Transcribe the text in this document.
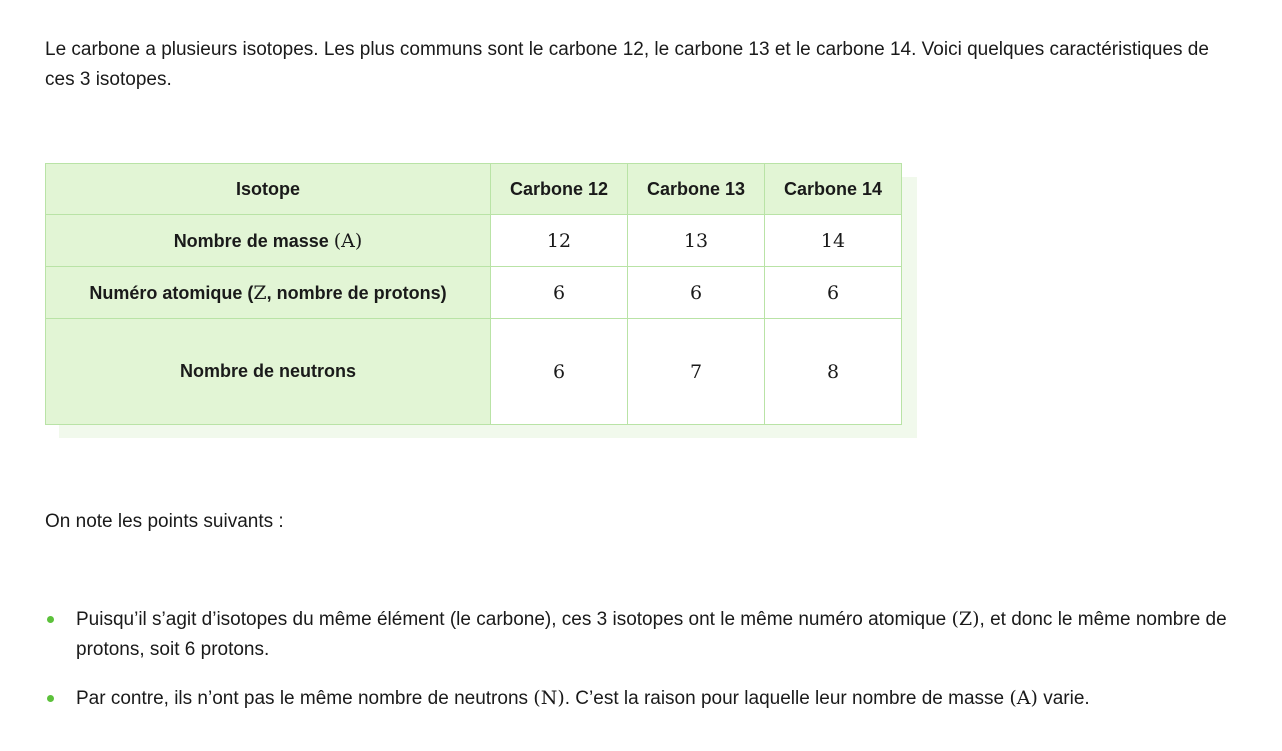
Le carbone a plusieurs isotopes. Les plus communs sont le carbone 12, le carbone 13 et le carbone 14. Voici quelques caractéristiques de ces 3 isotopes.

Isotope	Carbone 12	Carbone 13	Carbone 14
Nombre de masse (A)	12	13	14
Numéro atomique (Z, nombre de protons)	6	6	6
Nombre de neutrons	6	7	8

On note les points suivants :

Puisqu’il s’agit d’isotopes du même élément (le carbone), ces 3 isotopes ont le même numéro atomique (Z), et donc le même nombre de protons, soit 6 protons.
Par contre, ils n’ont pas le même nombre de neutrons (N). C’est la raison pour laquelle leur nombre de masse (A) varie.
